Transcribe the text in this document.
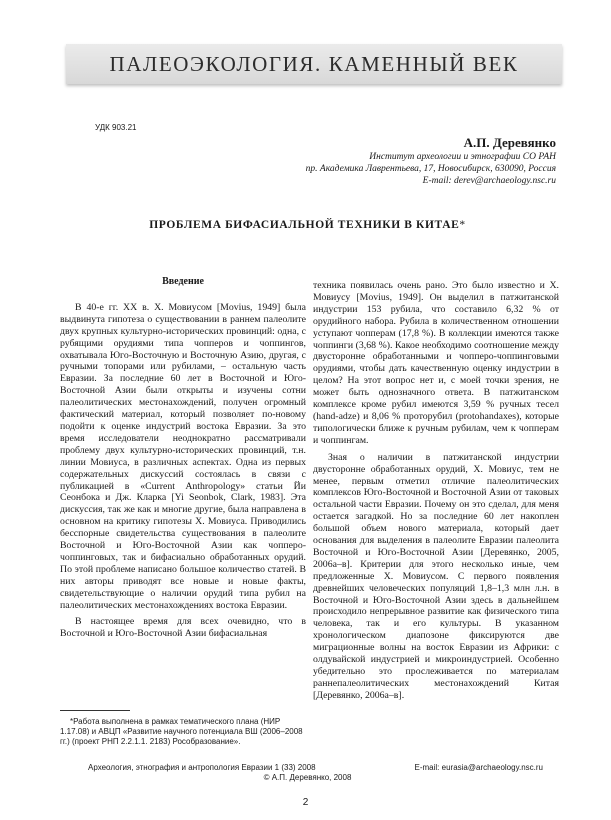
ПАЛЕОЭКОЛОГИЯ. КАМЕННЫЙ ВЕК
УДК 903.21
А.П. Деревянко
Институт археологии и этнографии СО РАН
пр. Академика Лаврентьева, 17, Новосибирск, 630090, Россия
E-mail: derev@archaeology.nsc.ru
ПРОБЛЕМА БИФАСИАЛЬНОЙ ТЕХНИКИ В КИТАЕ*
Введение

В 40-е гг. XX в. Х. Мовиусом [Movius, 1949] была выдвинута гипотеза о существовании в раннем палеолите двух крупных культурно-исторических провинций: одна, с рубящими орудиями типа чопперов и чоппингов, охватывала Юго-Восточную и Восточную Азию, другая, с ручными топорами или рубилами, – остальную часть Евразии. За последние 60 лет в Восточной и Юго-Восточной Азии были открыты и изучены сотни палеолитических местонахождений, получен огромный фактический материал, который позволяет по-новому подойти к оценке индустрий востока Евразии. За это время исследователи неоднократно рассматривали проблему двух культурно-исторических провинций, т.н. линии Мовиуса, в различных аспектах. Одна из первых содержательных дискуссий состоялась в связи с публикацией в «Current Anthropology» статьи Йи Сеонбока и Дж. Кларка [Yi Seonbok, Clark, 1983]. Эта дискуссия, так же как и многие другие, была направлена в основном на критику гипотезы Х. Мовиуса. Приводились бесспорные свидетельства существования в палеолите Восточной и Юго-Восточной Азии как чопперо-чоппинговых, так и бифасиально обработанных орудий. По этой проблеме написано большое количество статей. В них авторы приводят все новые и новые факты, свидетельствующие о наличии орудий типа рубил на палеолитических местонахождениях востока Евразии.

В настоящее время для всех очевидно, что в Восточной и Юго-Восточной Азии бифасиальная

техника появилась очень рано. Это было известно и Х. Мовиусу [Movius, 1949]. Он выделил в патжитанской индустрии 153 рубила, что составило 6,32 % от орудийного набора. Рубила в количественном отношении уступают чопперам (17,8 %). В коллекции имеются также чоппинги (3,68 %). Какое необходимо соотношение между двусторонне обработанными и чопперо-чоппинговыми орудиями, чтобы дать качественную оценку индустрии в целом? На этот вопрос нет и, с моей точки зрения, не может быть однозначного ответа. В патжитанском комплексе кроме рубил имеются 3,59 % ручных тесел (hand-adze) и 8,06 % проторубил (protohandaxes), которые типологически ближе к ручным рубилам, чем к чопперам и чоппингам.

Зная о наличии в патжитанской индустрии двусторонне обработанных орудий, Х. Мовиус, тем не менее, первым отметил отличие палеолитических комплексов Юго-Восточной и Восточной Азии от таковых остальной части Евразии. Почему он это сделал, для меня остается загадкой. Но за последние 60 лет накоплен большой объем нового материала, который дает основания для выделения в палеолите Евразии палеолита Восточной и Юго-Восточной Азии [Деревянко, 2005, 2006а–в]. Критерии для этого несколько иные, чем предложенные Х. Мовиусом. С первого появления древнейших человеческих популяций 1,8–1,3 млн л.н. в Восточной и Юго-Восточной Азии здесь в дальнейшем происходило непрерывное развитие как физического типа человека, так и его культуры. В указанном хронологическом диапозоне фиксируются две миграционные волны на восток Евразии из Африки: с олдувайской индустрией и микроиндустрией. Особенно убедительно это прослеживается по материалам раннепалеолитических местонахождений Китая [Деревянко, 2006а–в].

*Работа выполнена в рамках тематического плана (НИР 1.17.08) и АВЦП «Развитие научного потенциала ВШ (2006–2008 гг.) (проект РНП 2.2.1.1. 2183) Рособразование».
Археология, этнография и антропология Евразии 1 (33) 2008	E-mail: eurasia@archaeology.nsc.ru
© А.П. Деревянко, 2008
2
